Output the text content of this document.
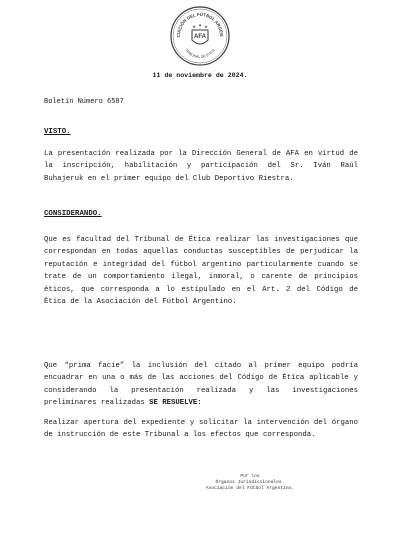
CIACIÓN DEL FÚTBOL ARGEN
TRIBUNAL DE ÉTICA
★ ★ ★
AFA
11 de noviembre de 2024.
Boletín Número 6587
VISTO.
La presentación realizada por la Dirección General de AFA en virtud de la inscripción, habilitación y participación del Sr. Iván Raúl Buhajeruk en el primer equipo del Club Deportivo Riestra.
CONSIDERANDO.
Que es facultad del Tribunal de Ética realizar las investigaciones que correspondan en todas aquellas conductas susceptibles de perjudicar la reputación e integridad del fútbol argentino particularmente cuando se trate de un comportamiento ilegal, inmoral, o carente de principios éticos, que corresponda a lo estipulado en el Art. 2 del Código de Ética de la Asociación del Fútbol Argentino.
Que “prima facie” la inclusión del citado al primer equipo podría encuadrar en una o más de las acciones del Código de Ética aplicable y considerando la presentación realizada y las investigaciones preliminares realizadas SE RESUELVE:
Realizar apertura del expediente y solicitar la intervención del órgano de instrucción de este Tribunal a los efectos que corresponda.
Por los
Órganos Jurisdiccionales.
Asociación del Fútbol Argentino.
